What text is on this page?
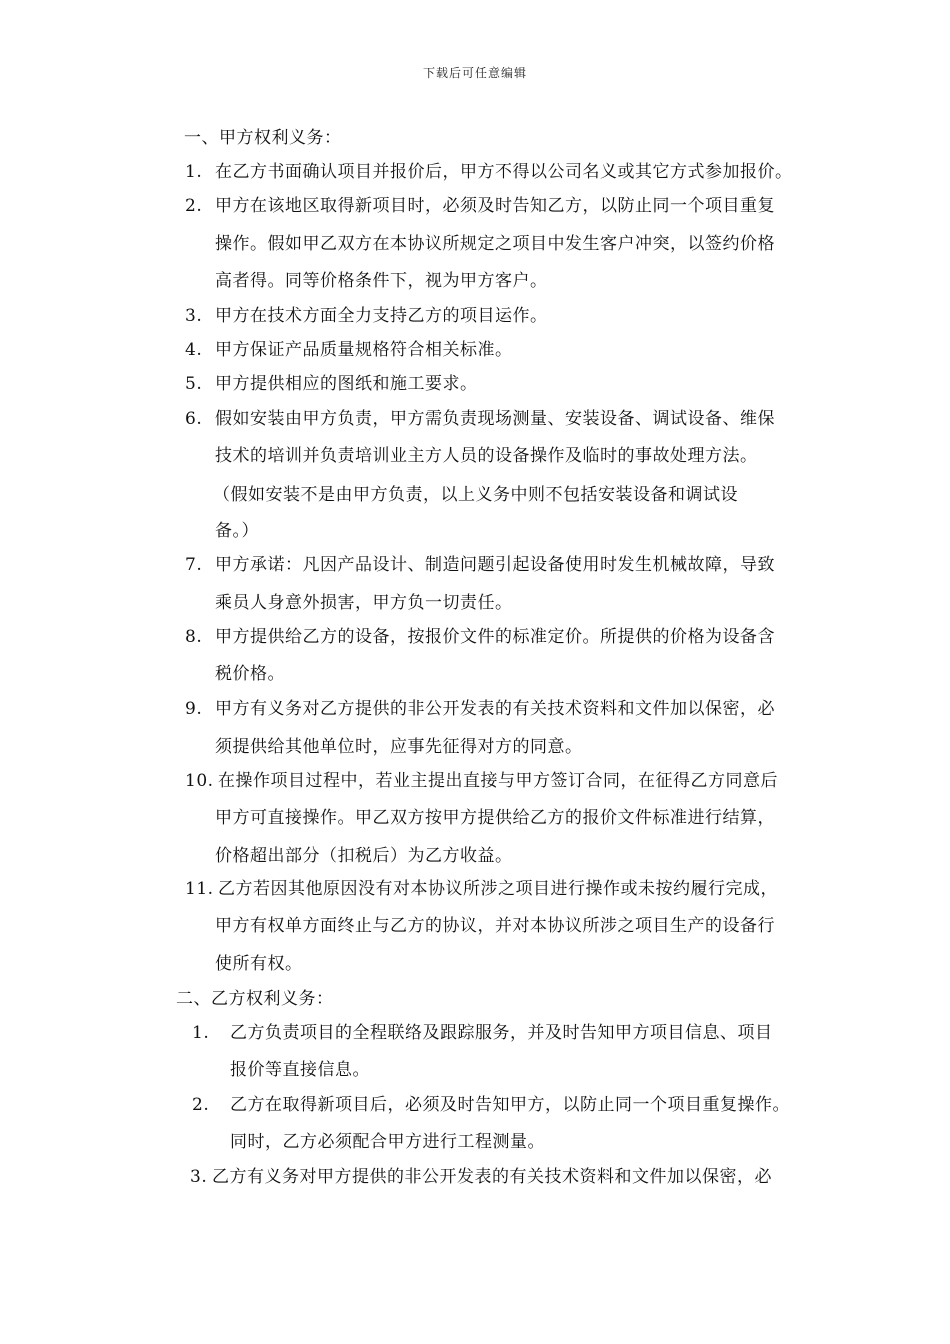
下载后可任意编辑
一、甲方权利义务：
1. 在乙方书面确认项目并报价后，甲方不得以公司名义或其它方式参加报价。
2. 甲方在该地区取得新项目时，必须及时告知乙方，以防止同一个项目重复
操作。假如甲乙双方在本协议所规定之项目中发生客户冲突，以签约价格
高者得。同等价格条件下，视为甲方客户。
3. 甲方在技术方面全力支持乙方的项目运作。
4. 甲方保证产品质量规格符合相关标准。
5. 甲方提供相应的图纸和施工要求。
6. 假如安装由甲方负责，甲方需负责现场测量、安装设备、调试设备、维保
技术的培训并负责培训业主方人员的设备操作及临时的事故处理方法。
（假如安装不是由甲方负责，以上义务中则不包括安装设备和调试设
备。）
7. 甲方承诺：凡因产品设计、制造问题引起设备使用时发生机械故障，导致
乘员人身意外损害，甲方负一切责任。
8. 甲方提供给乙方的设备，按报价文件的标准定价。所提供的价格为设备含
税价格。
9. 甲方有义务对乙方提供的非公开发表的有关技术资料和文件加以保密，必
须提供给其他单位时，应事先征得对方的同意。
10. 在操作项目过程中，若业主提出直接与甲方签订合同，在征得乙方同意后
甲方可直接操作。甲乙双方按甲方提供给乙方的报价文件标准进行结算，
价格超出部分（扣税后）为乙方收益。
11. 乙方若因其他原因没有对本协议所涉之项目进行操作或未按约履行完成，
甲方有权单方面终止与乙方的协议，并对本协议所涉之项目生产的设备行
使所有权。
二、乙方权利义务：
1. 乙方负责项目的全程联络及跟踪服务，并及时告知甲方项目信息、项目
报价等直接信息。
2. 乙方在取得新项目后，必须及时告知甲方，以防止同一个项目重复操作。
同时，乙方必须配合甲方进行工程测量。
3. 乙方有义务对甲方提供的非公开发表的有关技术资料和文件加以保密，必
